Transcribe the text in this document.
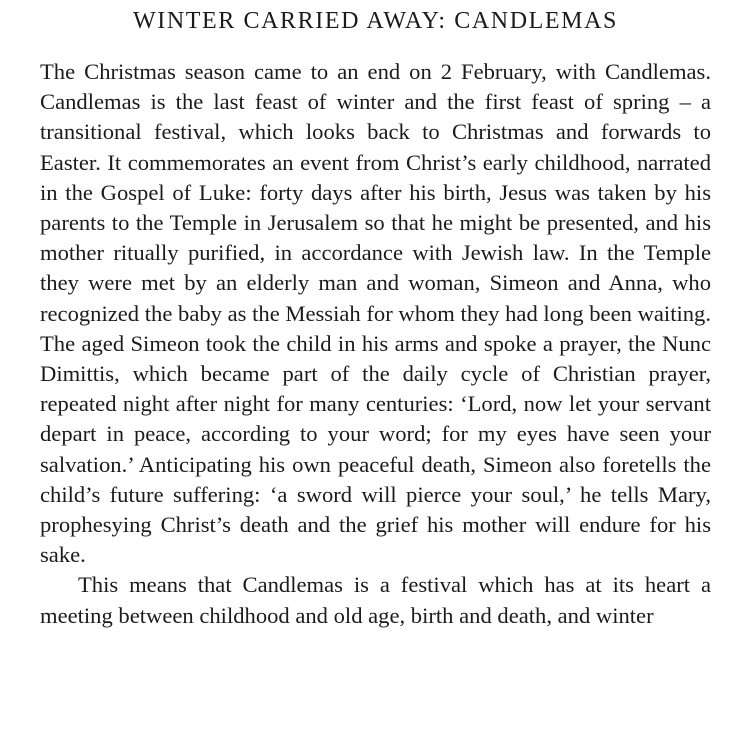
WINTER CARRIED AWAY: CANDLEMAS

The Christmas season came to an end on 2 February, with Candlemas. Candlemas is the last feast of winter and the first feast of spring – a transitional festival, which looks back to Christmas and forwards to Easter. It commemorates an event from Christ’s early childhood, narrated in the Gospel of Luke: forty days after his birth, Jesus was taken by his parents to the Temple in Jerusalem so that he might be presented, and his mother ritually purified, in accordance with Jewish law. In the Temple they were met by an elderly man and woman, Simeon and Anna, who recognized the baby as the Messiah for whom they had long been waiting. The aged Simeon took the child in his arms and spoke a prayer, the Nunc Dimittis, which became part of the daily cycle of Christian prayer, repeated night after night for many centuries: ‘Lord, now let your servant depart in peace, according to your word; for my eyes have seen your salvation.’ Anticipating his own peaceful death, Simeon also foretells the child’s future suffering: ‘a sword will pierce your soul,’ he tells Mary, prophesying Christ’s death and the grief his mother will endure for his sake.

This means that Candlemas is a festival which has at its heart a meeting between childhood and old age, birth and death, and winter
